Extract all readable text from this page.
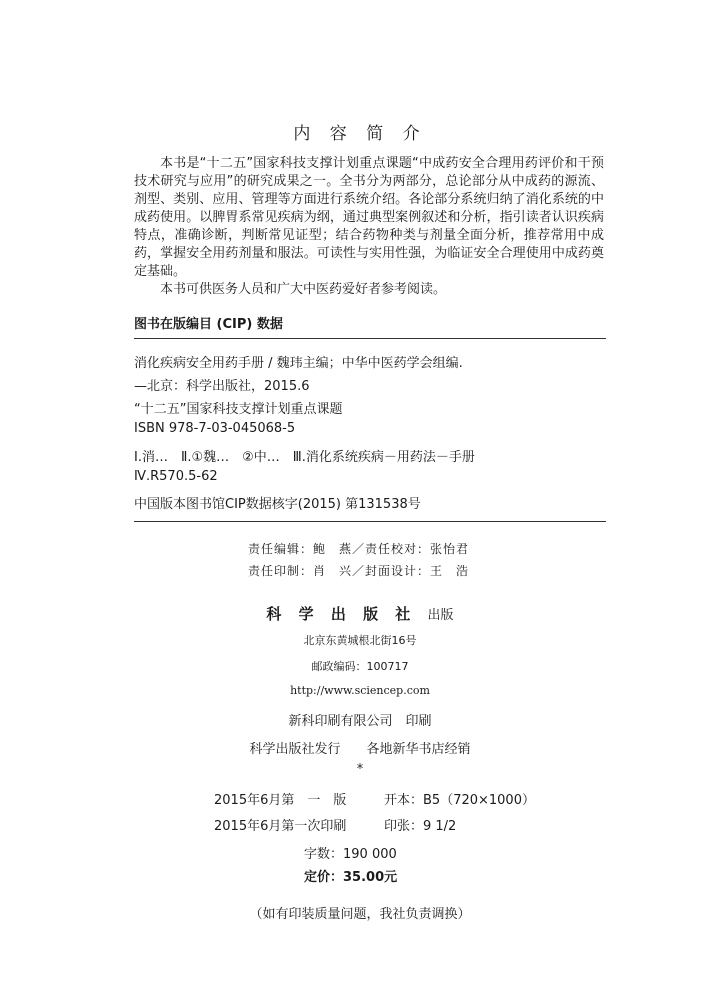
内 容 简 介

本书是“十二五”国家科技支撑计划重点课题“中成药安全合理用药评价和干预技术研究与应用”的研究成果之一。全书分为两部分，总论部分从中成药的源流、剂型、类别、应用、管理等方面进行系统介绍。各论部分系统归纳了消化系统的中成药使用。以脾胃系常见疾病为纲，通过典型案例叙述和分析，指引读者认识疾病特点，准确诊断，判断常见证型；结合药物种类与剂量全面分析，推荐常用中成药，掌握安全用药剂量和服法。可读性与实用性强，为临证安全合理使用中成药奠定基础。

本书可供医务人员和广大中医药爱好者参考阅读。

图书在版编目 (CIP) 数据
消化疾病安全用药手册 / 魏玮主编；中华中医药学会组编.
—北京：科学出版社，2015.6
“十二五”国家科技支撑计划重点课题
ISBN 978-7-03-045068-5
Ⅰ.消…　Ⅱ.①魏…　②中…　Ⅲ.消化系统疾病－用药法－手册
Ⅳ.R570.5-62
中国版本图书馆CIP数据核字(2015) 第131538号
责任编辑：鲍　燕／责任校对：张怡君
责任印制：肖　兴／封面设计：王　浩
科 学 出 版 社 出版
北京东黄城根北街16号
邮政编码：100717
http://www.sciencep.com
新科印刷有限公司　印刷
科学出版社发行　　各地新华书店经销
*
2015年6月第　一　版	开本：B5（720×1000）
2015年6月第一次印刷	印张：9 1/2
字数：190 000
定价：35.00元
（如有印装质量问题，我社负责调换）
